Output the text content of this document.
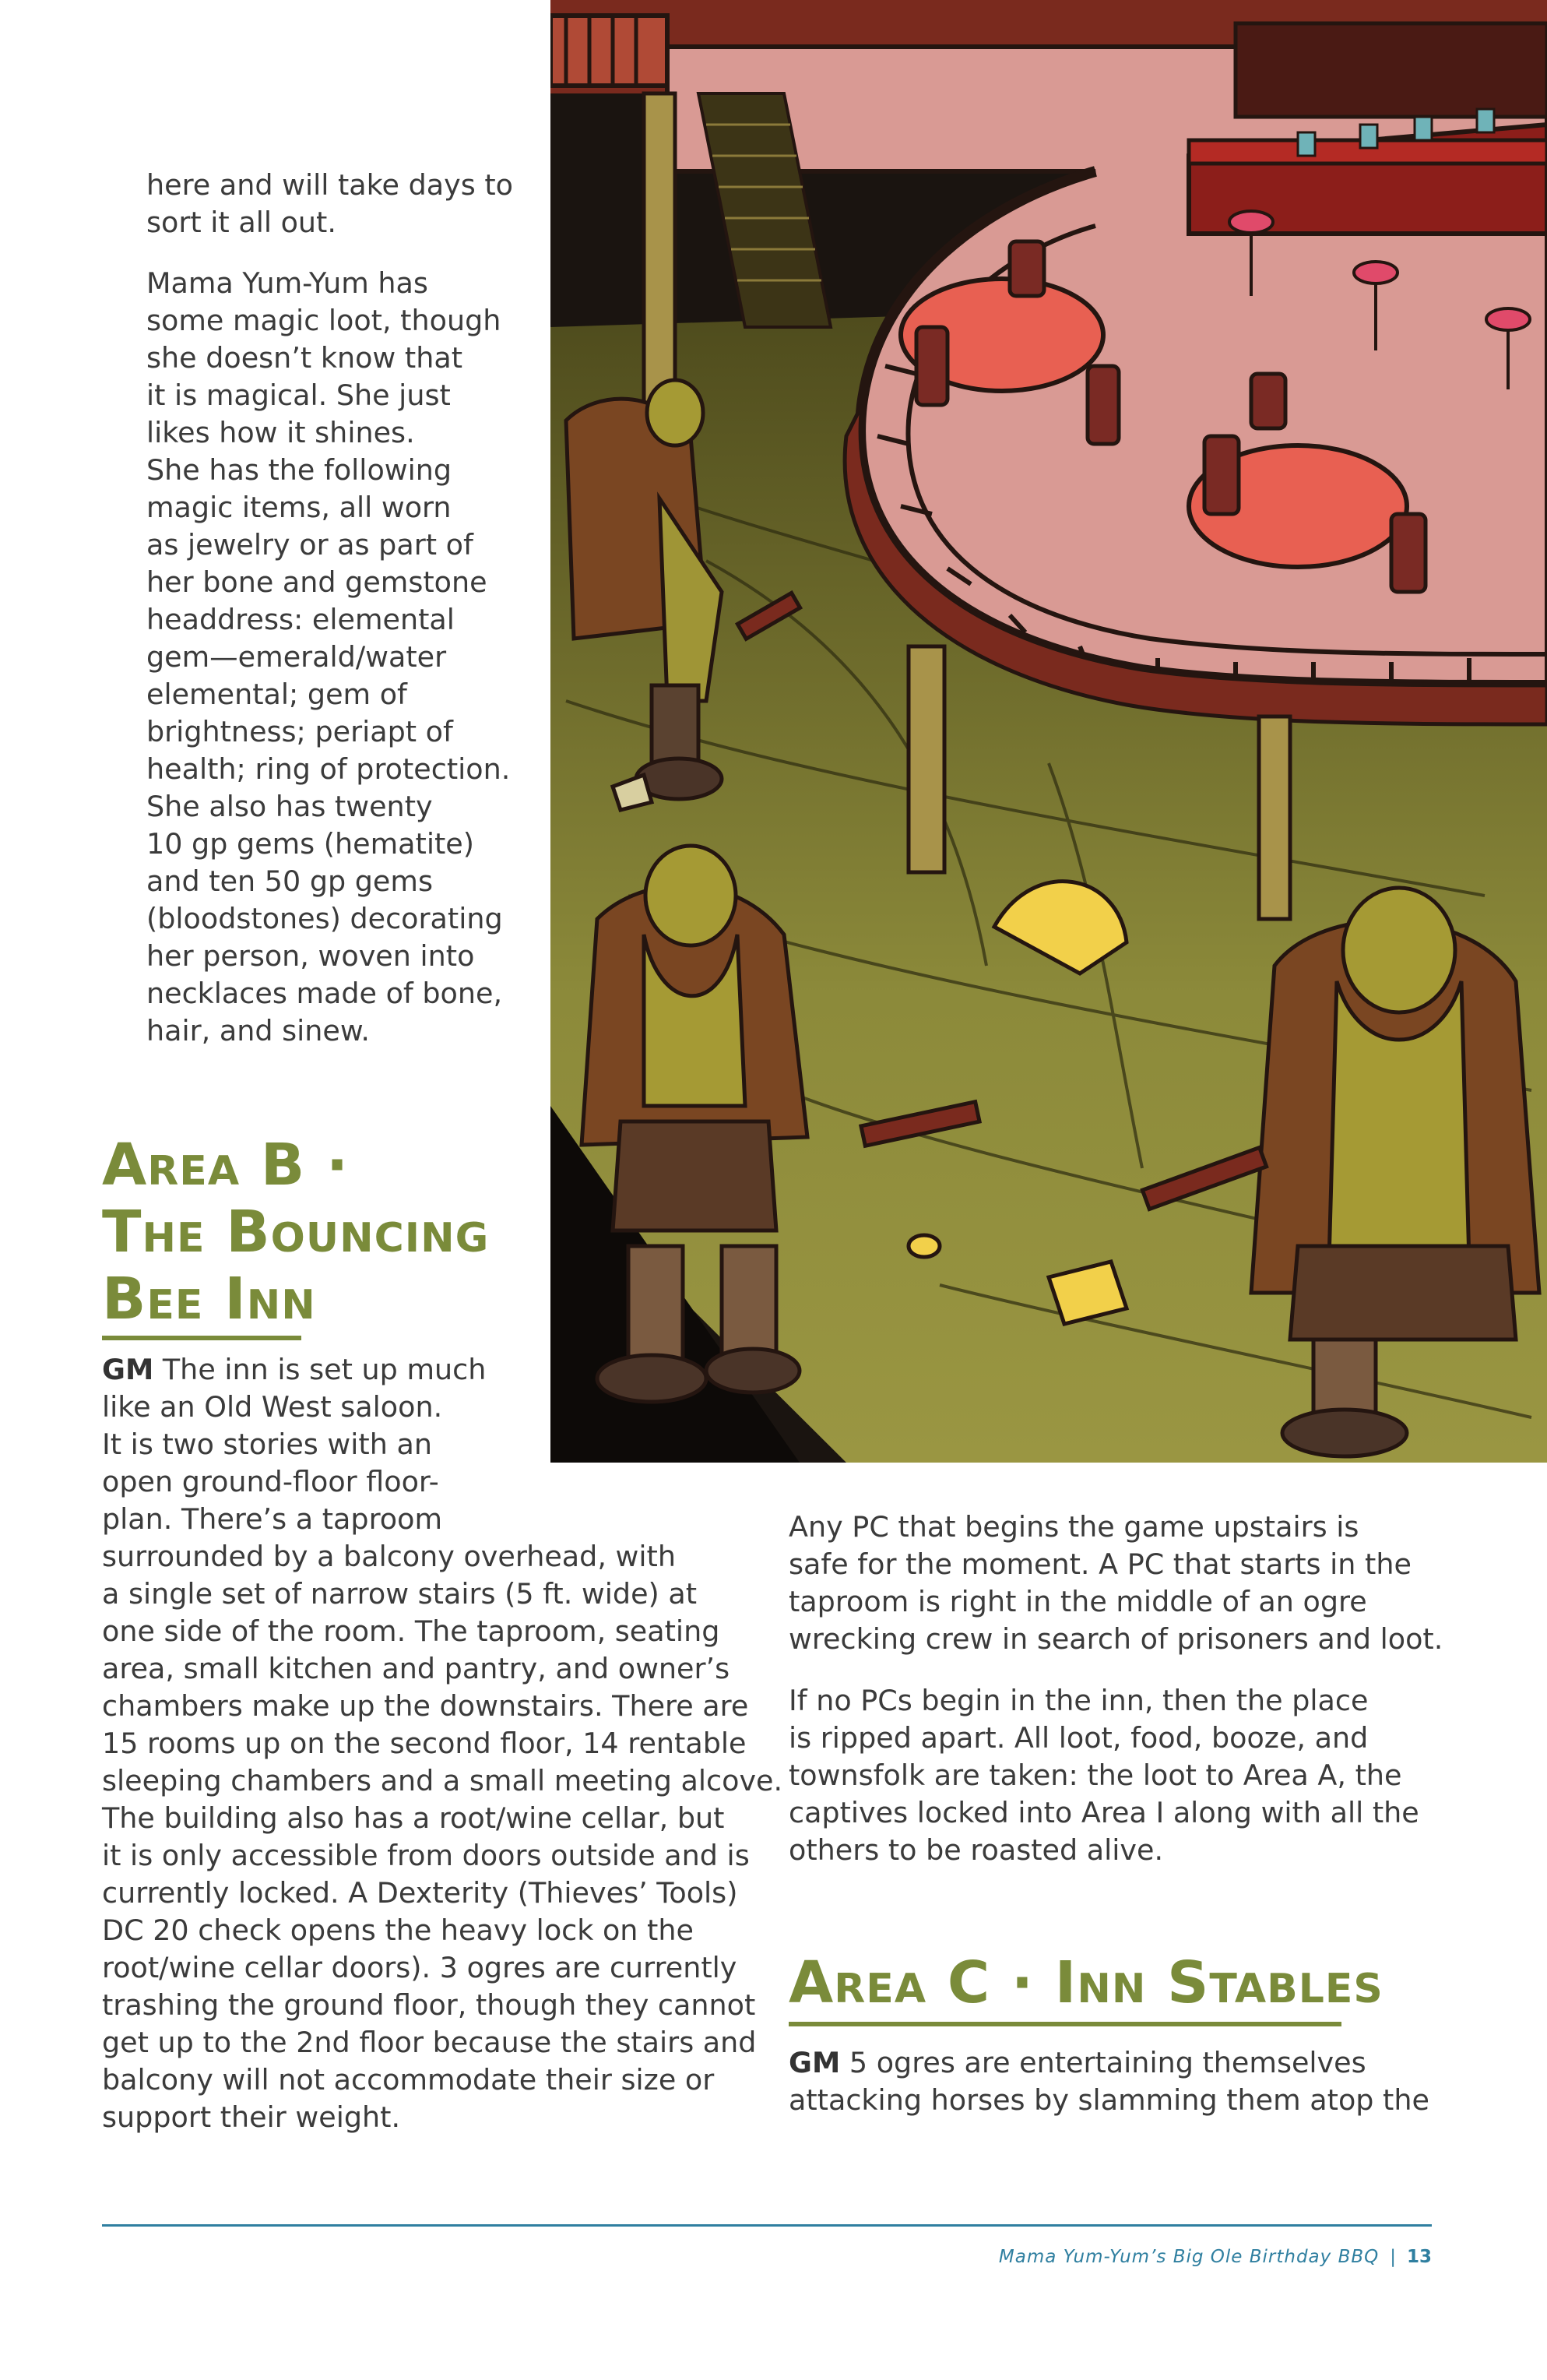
here and will take days to
sort it all out.

Mama Yum-Yum has
some magic loot, though
she doesn’t know that
it is magical. She just
likes how it shines.
She has the following
magic items, all worn
as jewelry or as part of
her bone and gemstone
headdress: elemental
gem—emerald/water
elemental; gem of
brightness; periapt of
health; ring of protection.
She also has twenty
10 gp gems (hematite)
and ten 50 gp gems
(bloodstones) decorating
her person, woven into
necklaces made of bone,
hair, and sinew.

Area B ·
The Bouncing
Bee Inn

GM The inn is set up much
like an Old West saloon.
It is two stories with an
open ground-floor floor-
plan. There’s a taproom
surrounded by a balcony overhead, with
a single set of narrow stairs (5 ft. wide) at
one side of the room. The taproom, seating
area, small kitchen and pantry, and owner’s
chambers make up the downstairs. There are
15 rooms up on the second floor, 14 rentable
sleeping chambers and a small meeting alcove.
The building also has a root/wine cellar, but
it is only accessible from doors outside and is
currently locked. A Dexterity (Thieves’ Tools)
DC 20 check opens the heavy lock on the
root/wine cellar doors). 3 ogres are currently
trashing the ground floor, though they cannot
get up to the 2nd floor because the stairs and
balcony will not accommodate their size or
support their weight.

Any PC that begins the game upstairs is
safe for the moment. A PC that starts in the
taproom is right in the middle of an ogre
wrecking crew in search of prisoners and loot.

If no PCs begin in the inn, then the place
is ripped apart. All loot, food, booze, and
townsfolk are taken: the loot to Area A, the
captives locked into Area I along with all the
others to be roasted alive.

Area C · Inn Stables

GM 5 ogres are entertaining themselves
attacking horses by slamming them atop the

Mama Yum-Yum’s Big Ole Birthday BBQ | 13
